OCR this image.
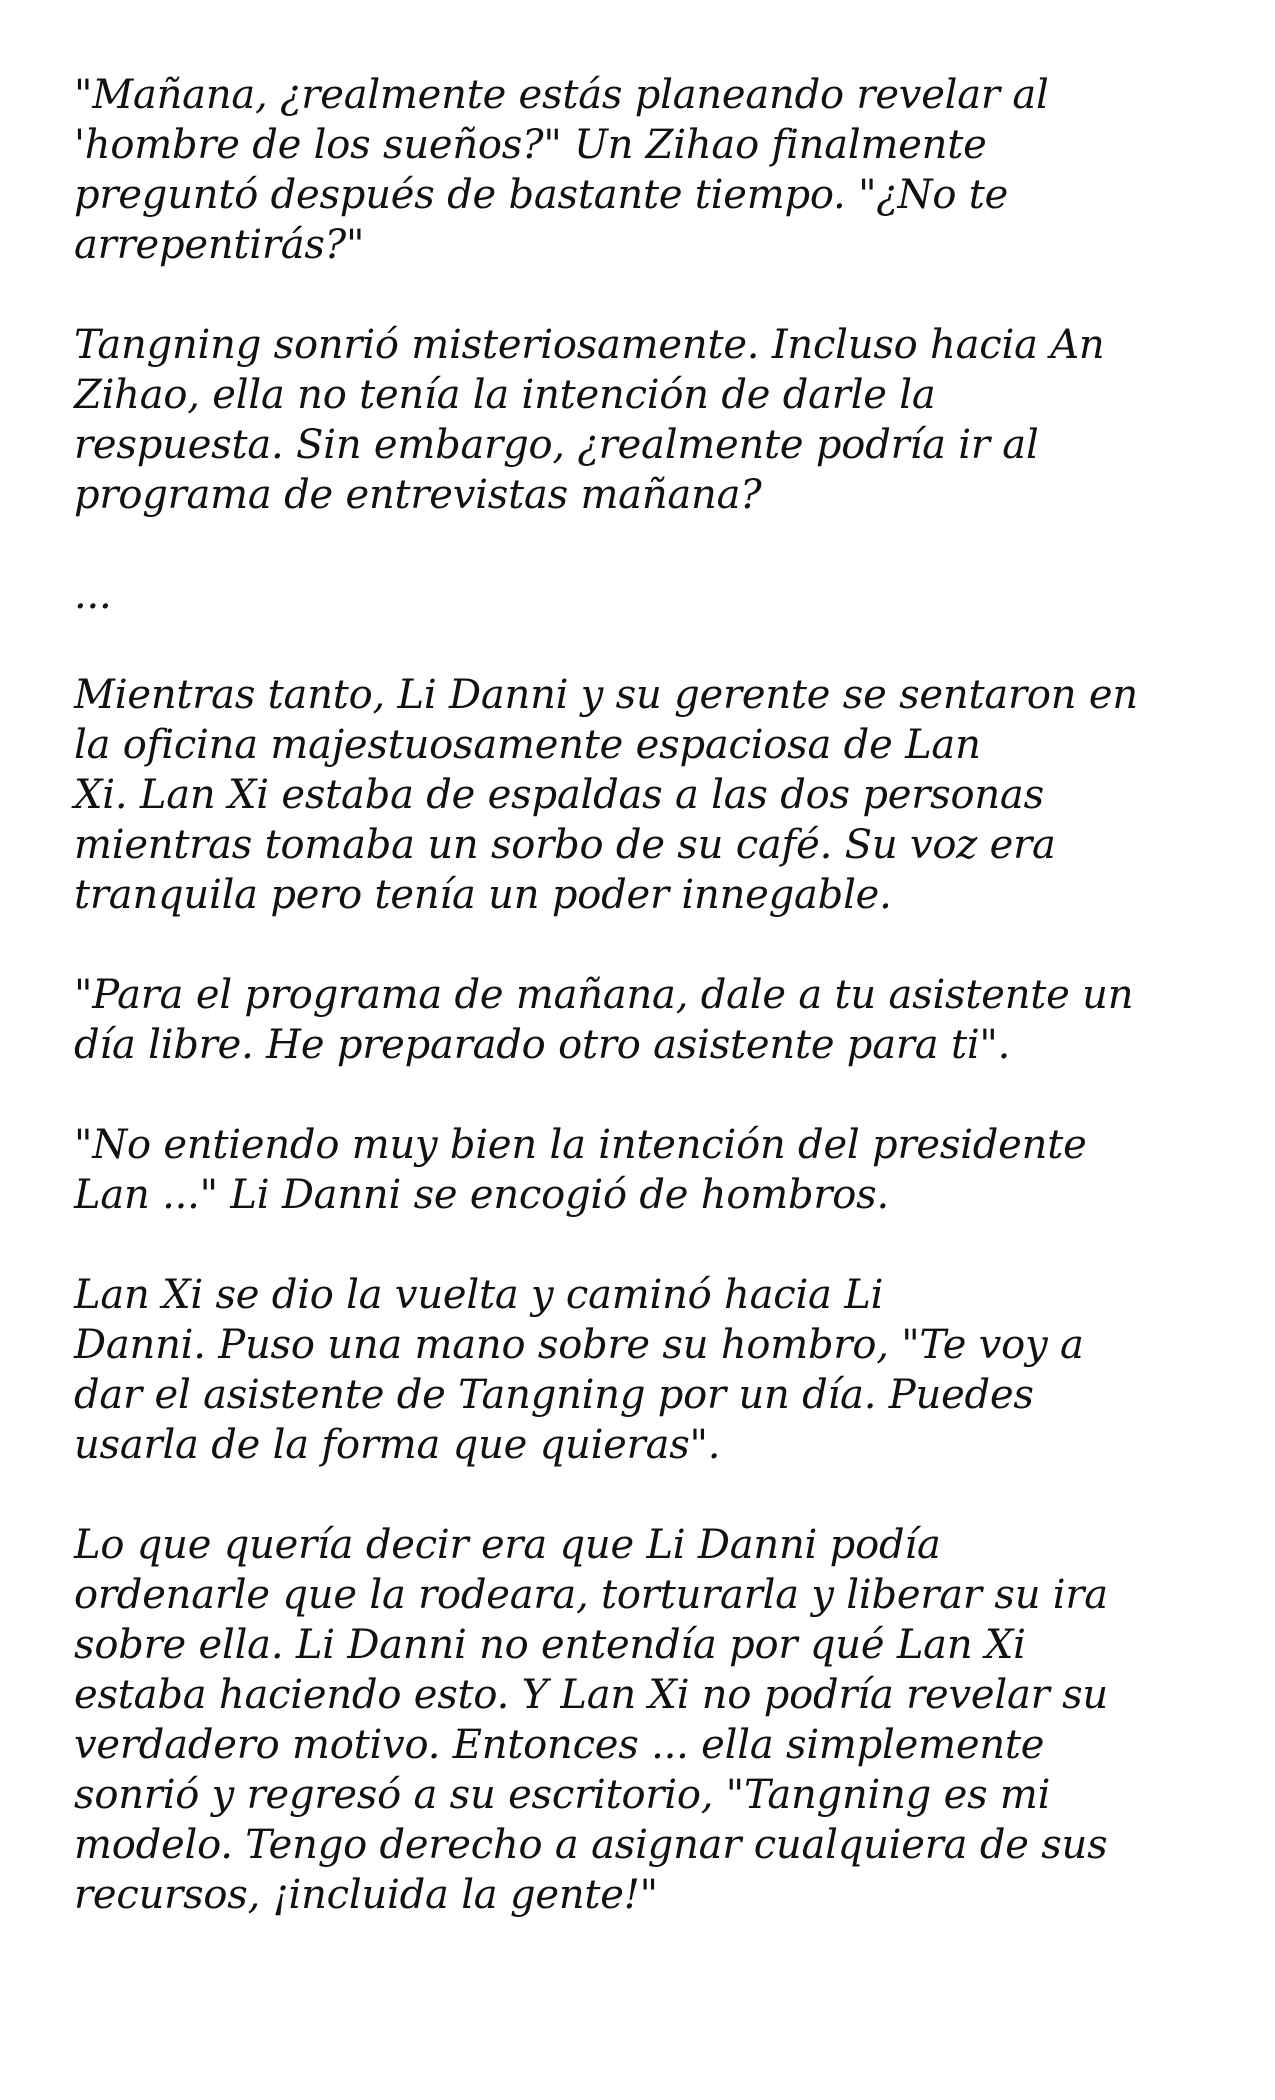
"Mañana, ¿realmente estás planeando revelar al
'hombre de los sueños?" Un Zihao finalmente
preguntó después de bastante tiempo. "¿No te
arrepentirás?"

Tangning sonrió misteriosamente. Incluso hacia An
Zihao, ella no tenía la intención de darle la
respuesta. Sin embargo, ¿realmente podría ir al
programa de entrevistas mañana?

...

Mientras tanto, Li Danni y su gerente se sentaron en
la oficina majestuosamente espaciosa de Lan
Xi. Lan Xi estaba de espaldas a las dos personas
mientras tomaba un sorbo de su café. Su voz era
tranquila pero tenía un poder innegable.

"Para el programa de mañana, dale a tu asistente un
día libre. He preparado otro asistente para ti".

"No entiendo muy bien la intención del presidente
Lan ..." Li Danni se encogió de hombros.

Lan Xi se dio la vuelta y caminó hacia Li
Danni. Puso una mano sobre su hombro, "Te voy a
dar el asistente de Tangning por un día. Puedes
usarla de la forma que quieras".

Lo que quería decir era que Li Danni podía
ordenarle que la rodeara, torturarla y liberar su ira
sobre ella. Li Danni no entendía por qué Lan Xi
estaba haciendo esto. Y Lan Xi no podría revelar su
verdadero motivo. Entonces ... ella simplemente
sonrió y regresó a su escritorio, "Tangning es mi
modelo. Tengo derecho a asignar cualquiera de sus
recursos, ¡incluida la gente!"
